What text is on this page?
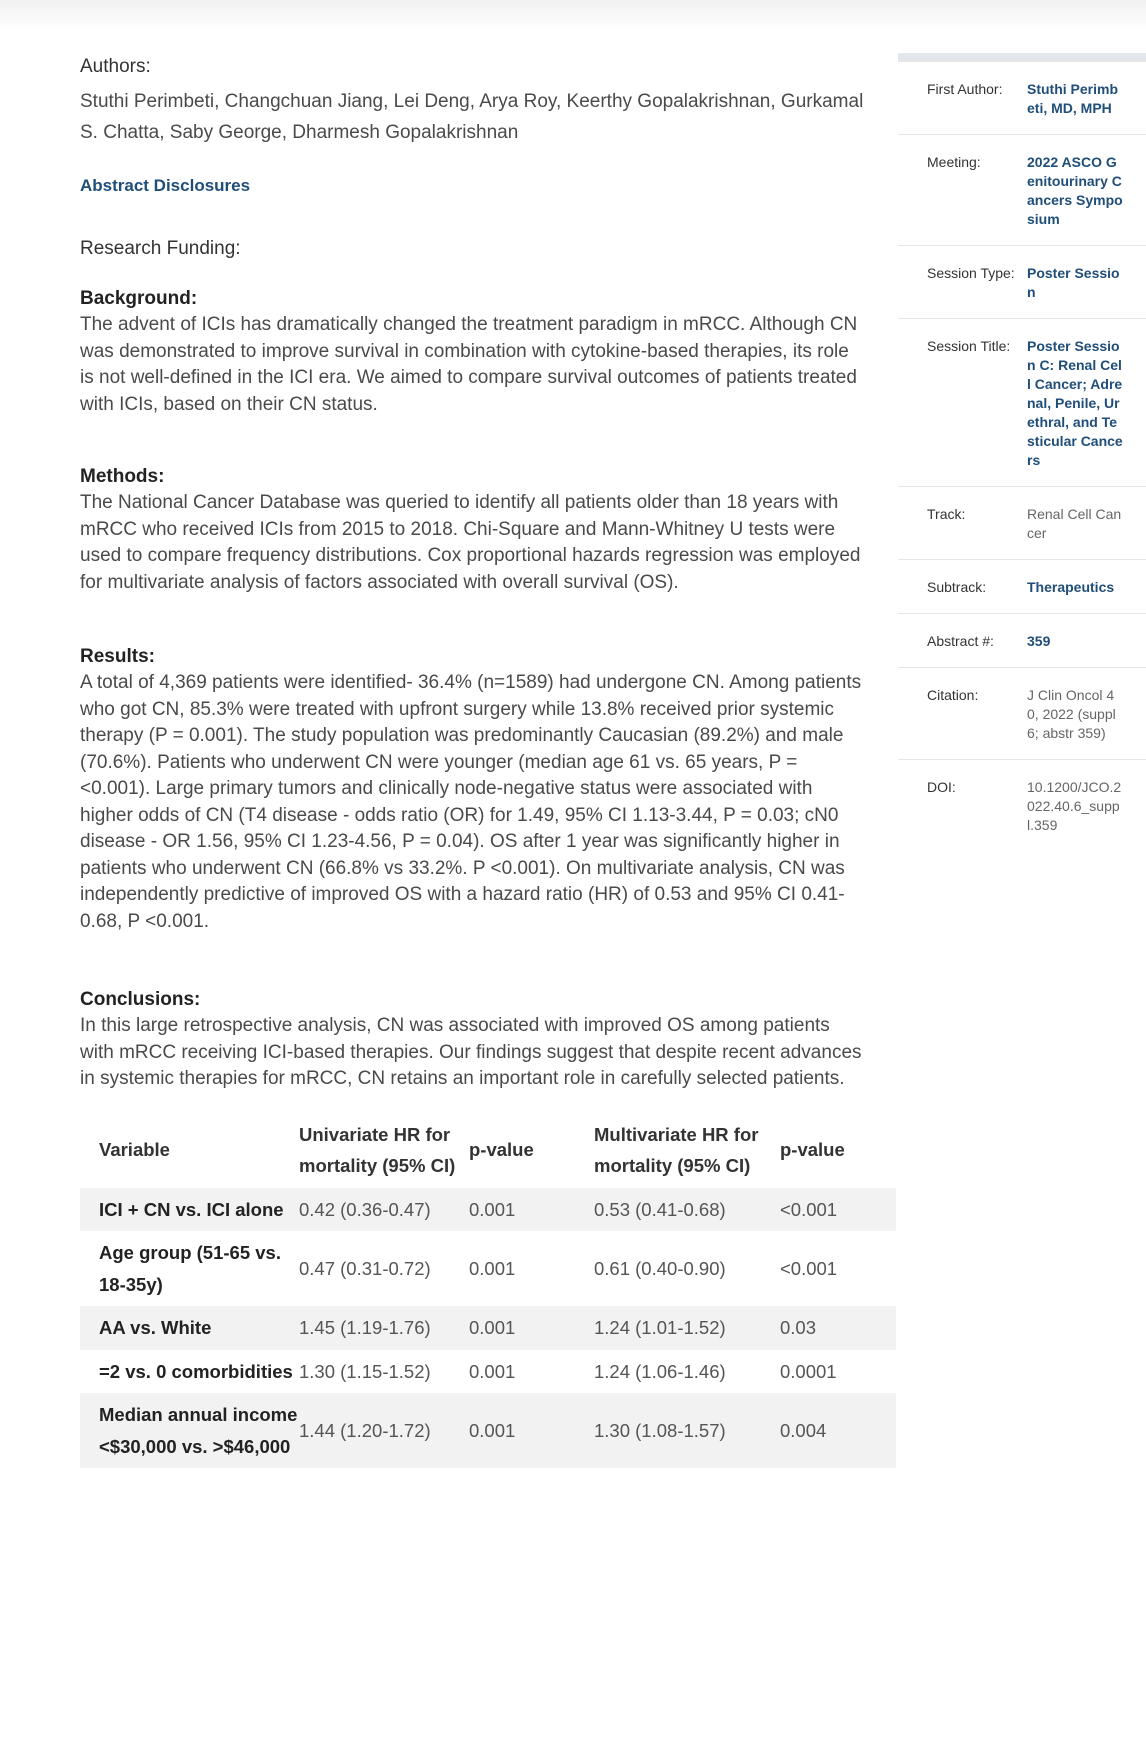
Authors:
Stuthi Perimbeti, Changchuan Jiang, Lei Deng, Arya Roy, Keerthy Gopalakrishnan, Gurkamal S. Chatta, Saby George, Dharmesh Gopalakrishnan
Abstract Disclosures
Research Funding:
Background:
The advent of ICIs has dramatically changed the treatment paradigm in mRCC. Although CN was demonstrated to improve survival in combination with cytokine-based therapies, its role is not well-defined in the ICI era. We aimed to compare survival outcomes of patients treated with ICIs, based on their CN status.
Methods:
The National Cancer Database was queried to identify all patients older than 18 years with mRCC who received ICIs from 2015 to 2018. Chi-Square and Mann-Whitney U tests were used to compare frequency distributions. Cox proportional hazards regression was employed for multivariate analysis of factors associated with overall survival (OS).
Results:
A total of 4,369 patients were identified- 36.4% (n=1589) had undergone CN. Among patients who got CN, 85.3% were treated with upfront surgery while 13.8% received prior systemic therapy (P = 0.001). The study population was predominantly Caucasian (89.2%) and male (70.6%). Patients who underwent CN were younger (median age 61 vs. 65 years, P = <0.001). Large primary tumors and clinically node-negative status were associated with higher odds of CN (T4 disease - odds ratio (OR) for 1.49, 95% CI 1.13-3.44, P = 0.03; cN0 disease - OR 1.56, 95% CI 1.23-4.56, P = 0.04). OS after 1 year was significantly higher in patients who underwent CN (66.8% vs 33.2%. P <0.001). On multivariate analysis, CN was independently predictive of improved OS with a hazard ratio (HR) of 0.53 and 95% CI 0.41-0.68, P <0.001.
Conclusions:
In this large retrospective analysis, CN was associated with improved OS among patients with mRCC receiving ICI-based therapies. Our findings suggest that despite recent advances in systemic therapies for mRCC, CN retains an important role in carefully selected patients.
Variable	Univariate HR for mortality (95% CI)	p-value	Multivariate HR for mortality (95% CI)	p-value
ICI + CN vs. ICI alone	0.42 (0.36-0.47)	0.001	0.53 (0.41-0.68)	<0.001
Age group (51-65 vs. 18-35y)	0.47 (0.31-0.72)	0.001	0.61 (0.40-0.90)	<0.001
AA vs. White	1.45 (1.19-1.76)	0.001	1.24 (1.01-1.52)	0.03
=2 vs. 0 comorbidities	1.30 (1.15-1.52)	0.001	1.24 (1.06-1.46)	0.0001
Median annual income <$30,000 vs. >$46,000	1.44 (1.20-1.72)	0.001	1.30 (1.08-1.57)	0.004
First Author:	Stuthi Perimbeti, MD, MPH
Meeting:	2022 ASCO Genitourinary Cancers Symposium
Session Type: Poster Session
Session Title:	Poster Session C: Renal Cell Cancer; Adrenal, Penile, Urethral, and Testicular Cancers
Track:	Renal Cell Cancer
Subtrack:	Therapeutics
Abstract #:	359
Citation:	J Clin Oncol 40, 2022 (suppl 6; abstr 359)
DOI:	10.1200/JCO.2022.40.6_suppl.359
